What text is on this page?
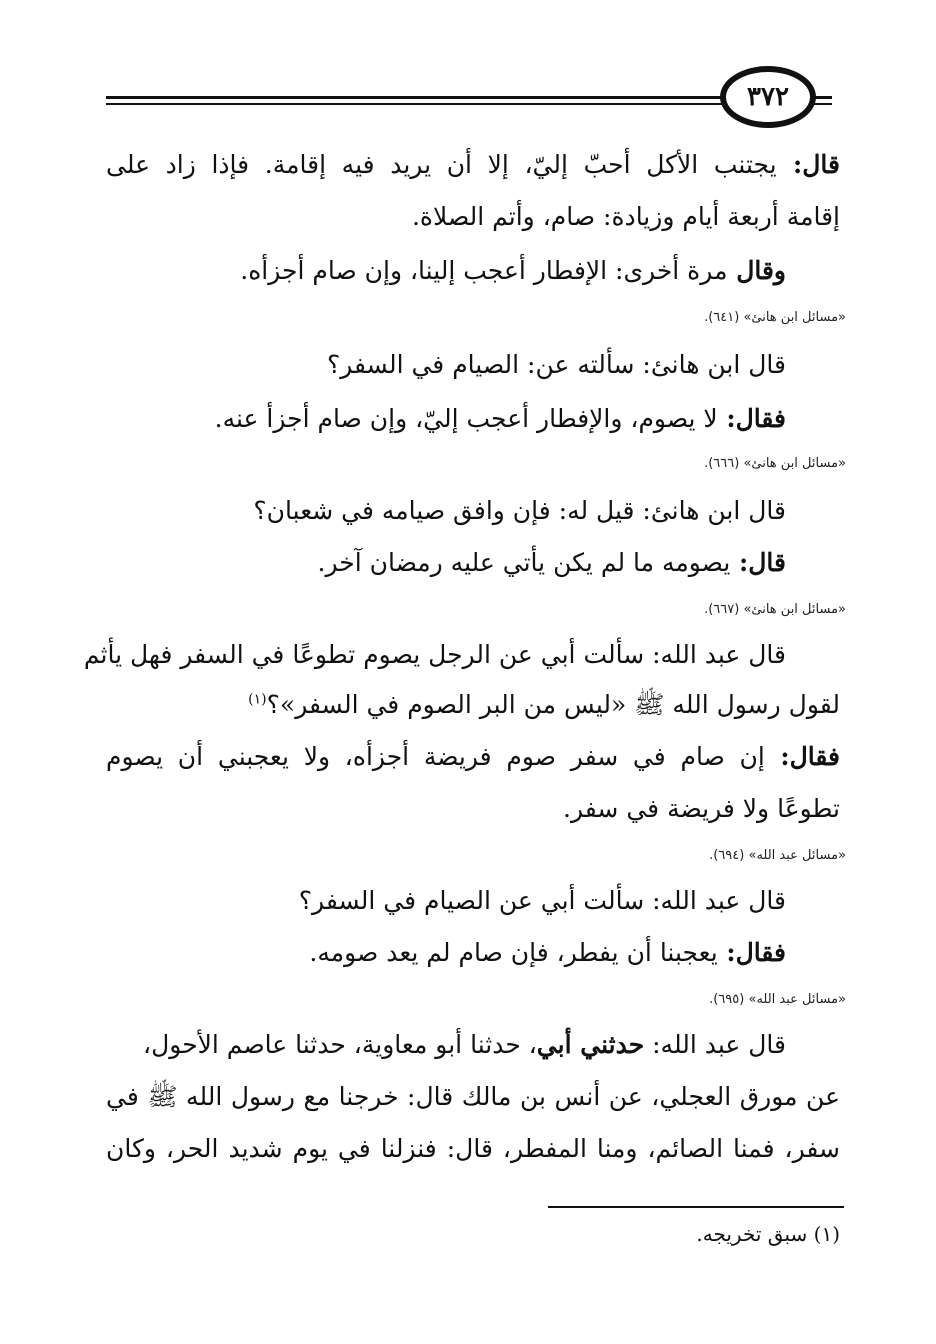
٣٧٢
قال: يجتنب الأكل أحبّ إليّ، إلا أن يريد فيه إقامة. فإذا زاد على
إقامة أربعة أيام وزيادة: صام، وأتم الصلاة.
وقال مرة أخرى: الإفطار أعجب إلينا، وإن صام أجزأه.
«مسائل ابن هانئ» (٦٤١).
قال ابن هانئ: سألته عن: الصيام في السفر؟
فقال: لا يصوم، والإفطار أعجب إليّ، وإن صام أجزأ عنه.
«مسائل ابن هانئ» (٦٦٦).
قال ابن هانئ: قيل له: فإن وافق صيامه في شعبان؟
قال: يصومه ما لم يكن يأتي عليه رمضان آخر.
«مسائل ابن هانئ» (٦٦٧).
قال عبد الله: سألت أبي عن الرجل يصوم تطوعًا في السفر فهل يأثم
لقول رسول الله ﷺ «ليس من البر الصوم في السفر»؟$^{(١)}$
فقال: إن صام في سفر صوم فريضة أجزأه، ولا يعجبني أن يصوم
تطوعًا ولا فريضة في سفر.
«مسائل عبد الله» (٦٩٤).
قال عبد الله: سألت أبي عن الصيام في السفر؟
فقال: يعجبنا أن يفطر، فإن صام لم يعد صومه.
«مسائل عبد الله» (٦٩٥).
قال عبد الله: حدثني أبي، حدثنا أبو معاوية، حدثنا عاصم الأحول،
عن مورق العجلي، عن أنس بن مالك قال: خرجنا مع رسول الله ﷺ في
سفر، فمنا الصائم، ومنا المفطر، قال: فنزلنا في يوم شديد الحر، وكان
(١) سبق تخريجه.
